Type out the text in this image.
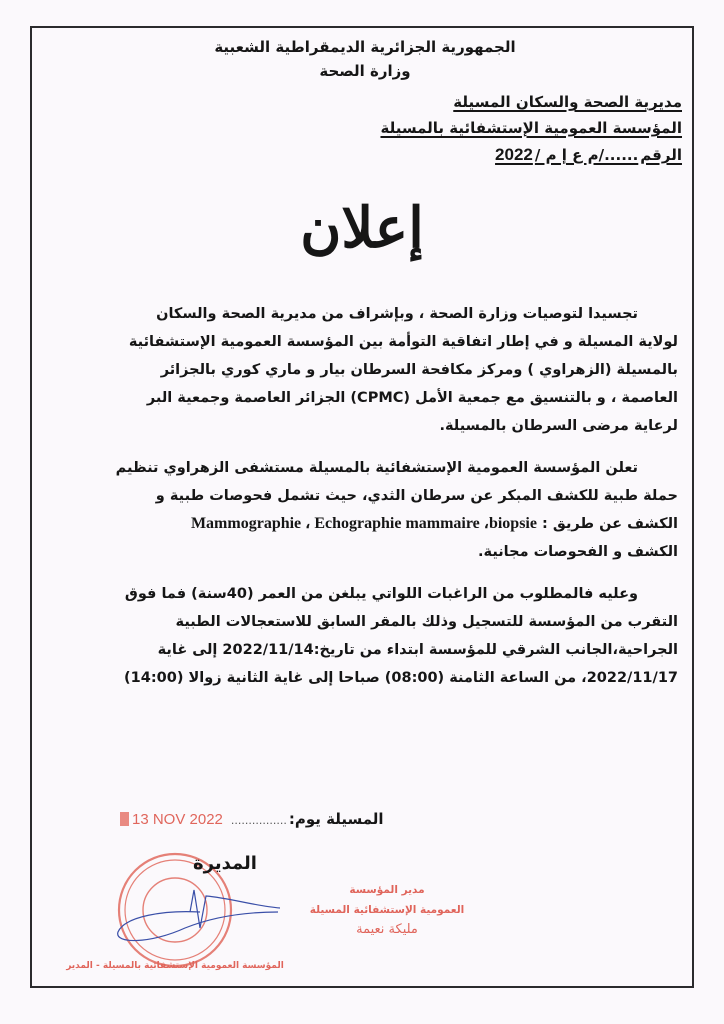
الجمهورية الجزائرية الديمقراطية الشعبية
وزارة الصحة
مديرية الصحة والسكان المسيلة
المؤسسة العمومية الإستشفائية بالمسيلة
الرقم
....../م ع إ م /
2022
إعلان
تجسيدا لتوصيات وزارة الصحة ، وبإشراف من مديرية الصحة والسكان
لولاية المسيلة و في إطار اتفاقية التوأمة بين المؤسسة العمومية الإستشفائية
بالمسيلة (الزهراوي ) ومركز مكافحة السرطان بيار و ماري كوري بالجزائر
العاصمة ، و بالتنسيق مع جمعية الأمل (CPMC) الجزائر العاصمة وجمعية البر
لرعاية مرضى السرطان بالمسيلة.
تعلن المؤسسة العمومية الإستشفائية بالمسيلة مستشفى الزهراوي تنظيم
حملة طبية للكشف المبكر عن سرطان الثدي، حيث تشمل فحوصات طبية و
الكشف عن طريق : Mammographie ، Echographie mammaire ،biopsie
الكشف و الفحوصات مجانية.
وعليه فالمطلوب من الراغبات اللواتي يبلغن من العمر (40سنة) فما فوق
التقرب من المؤسسة للتسجيل وذلك بالمقر السابق للاستعجالات الطبية
الجراحية،الجانب الشرقي للمؤسسة ابتداء من تاريخ:2022/11/14 إلى غاية
2022/11/17، من الساعة الثامنة (08:00) صباحا إلى غاية الثانية زوالا (14:00)
13 NOV 2022	المسيلة يوم:
................
المديرة
مدير المؤسسة
العمومية الإستشفائية المسيلة
مليكة نعيمة
المؤسسة العمومية الإستشفائية بالمسيلة - المدير
